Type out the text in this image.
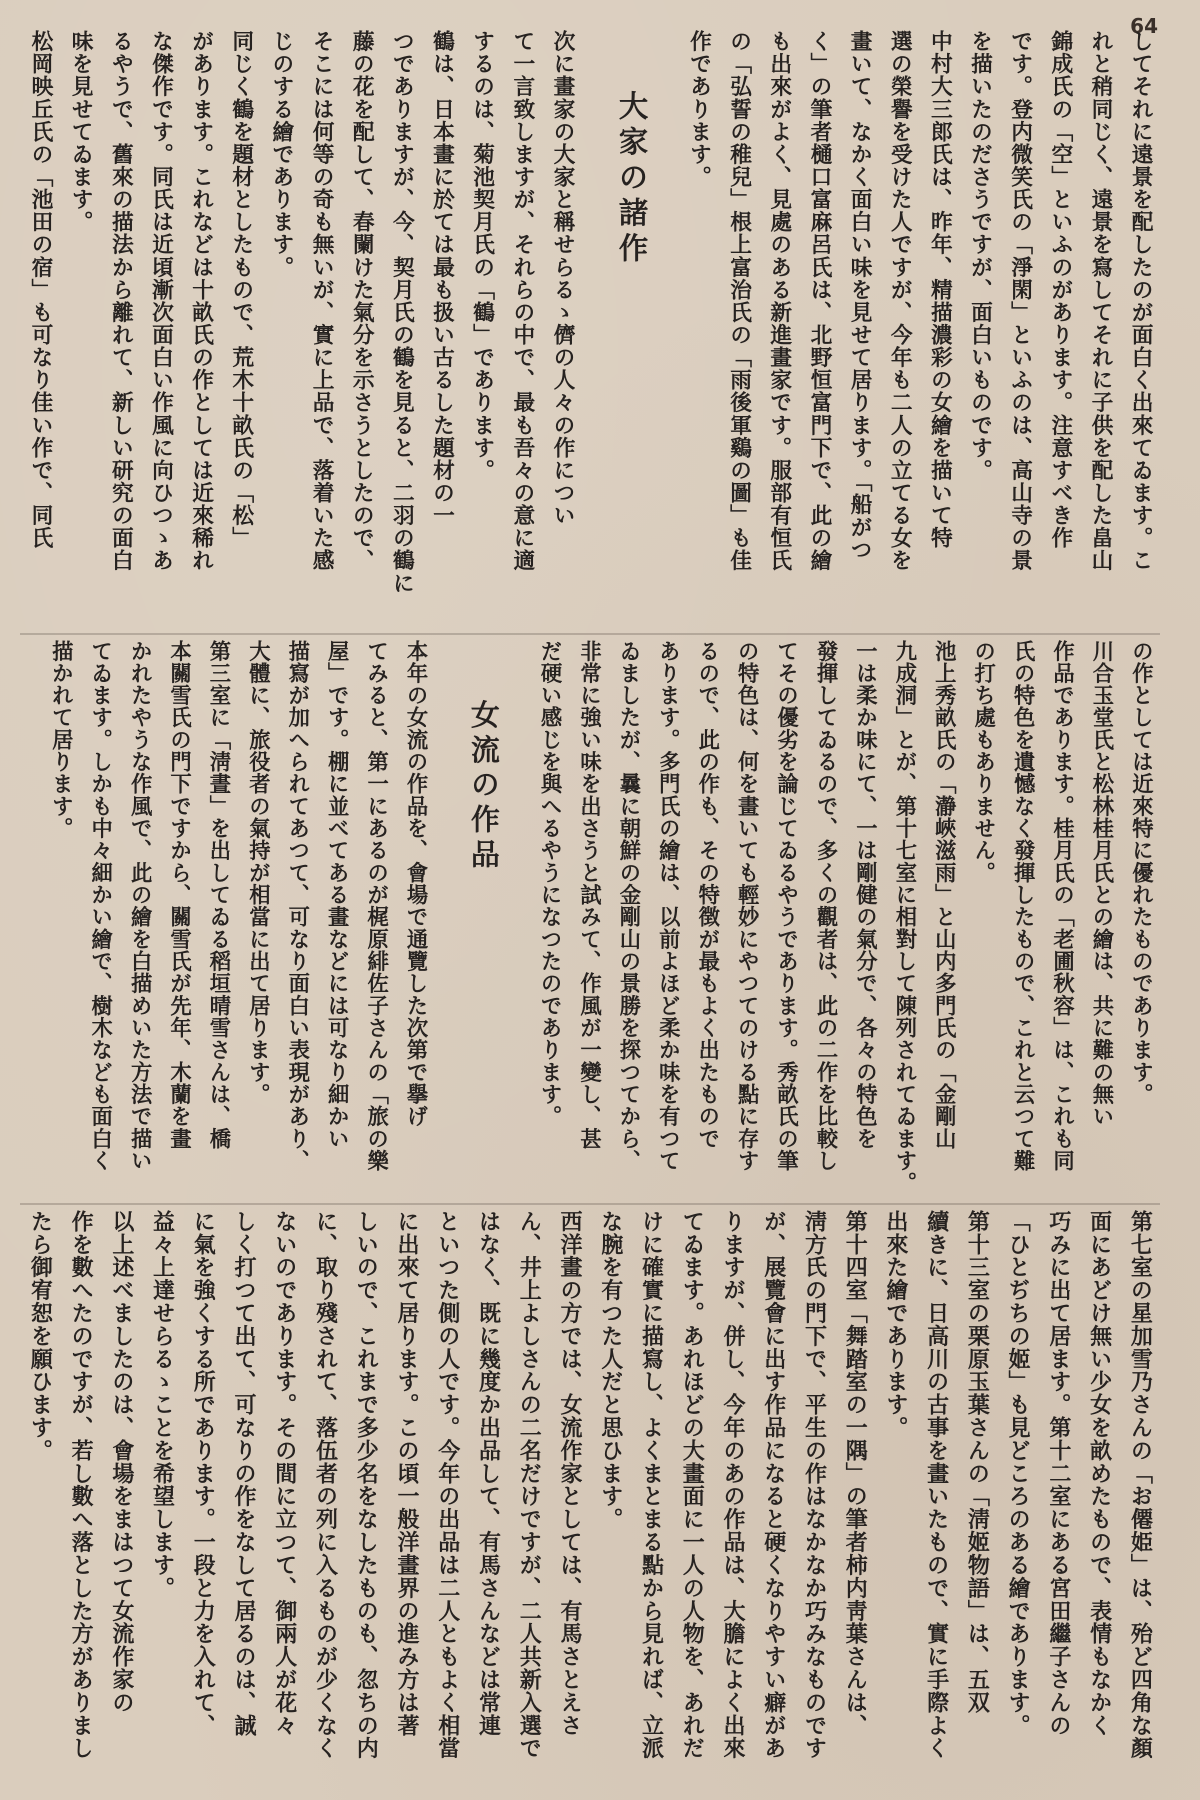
64
してそれに遠景を配したのが面白く出來てゐます。こ
れと稍同じく、遠景を寫してそれに子供を配した畠山
錦成氏の「空」といふのがあります。注意すべき作
です。登内微笑氏の「淨閑」といふのは、高山寺の景
を描いたのださうですが、面白いものです。
中村大三郎氏は、昨年、精描濃彩の女繪を描いて特
選の榮譽を受けた人ですが、今年も二人の立てる女を
畫いて、なかく面白い味を見せて居ります。「船がつ
く」の筆者樋口富麻呂氏は、北野恒富門下で、此の繪
も出來がよく、見處のある新進畫家です。服部有恒氏
の「弘誓の稚兒」根上富治氏の「雨後軍鷄の圖」も佳
作であります。
大家の諸作
次に畫家の大家と稱せらるゝ儕の人々の作につい
て一言致しますが、それらの中で、最も吾々の意に適
するのは、菊池契月氏の「鶴」であります。
鶴は、日本畫に於ては最も扱い古るした題材の一
つでありますが、今、契月氏の鶴を見ると、二羽の鶴に
藤の花を配して、春闌けた氣分を示さうとしたので、
そこには何等の奇も無いが、實に上品で、落着いた感
じのする繪であります。
同じく鶴を題材としたもので、荒木十畝氏の「松」
があります。これなどは十畝氏の作としては近來稀れ
な傑作です。同氏は近頃漸次面白い作風に向ひつゝあ
るやうで、舊來の描法から離れて、新しい研究の面白
味を見せてゐます。
松岡映丘氏の「池田の宿」も可なり佳い作で、同氏
の作としては近來特に優れたものであります。
川合玉堂氏と松林桂月氏との繪は、共に難の無い
作品であります。桂月氏の「老圃秋容」は、これも同
氏の特色を遺憾なく發揮したもので、これと云つて難
の打ち處もありません。
池上秀畝氏の「瀞峽滋雨」と山内多門氏の「金剛山
九成洞」とが、第十七室に相對して陳列されてゐます。
一は柔か味にて、一は剛健の氣分で、各々の特色を
發揮してゐるので、多くの觀者は、此の二作を比較し
てその優劣を論じてゐるやうであります。秀畝氏の筆
の特色は、何を畫いても輕妙にやつてのける點に存す
るので、此の作も、その特徴が最もよく出たもので
あります。多門氏の繪は、以前よほど柔か味を有つて
ゐましたが、曩に朝鮮の金剛山の景勝を探つてから、
非常に強い味を出さうと試みて、作風が一變し、甚
だ硬い感じを與へるやうになつたのであります。
女流の作品
本年の女流の作品を、會場で通覽した次第で擧げ
てみると、第一にあるのが梶原緋佐子さんの「旅の樂
屋」です。棚に並べてある畫などには可なり細かい
描寫が加へられてあつて、可なり面白い表現があり、
大體に、旅役者の氣持が相當に出て居ります。
第三室に「淸晝」を出してゐる稻垣晴雪さんは、橋
本關雪氏の門下ですから、關雪氏が先年、木蘭を畫
かれたやうな作風で、此の繪を白描めいた方法で描い
てゐます。しかも中々細かい繪で、樹木なども面白く
描かれて居ります。
第七室の星加雪乃さんの「お僊姫」は、殆ど四角な顏
面にあどけ無い少女を畝めたもので、表情もなかく
巧みに出て居ます。第十二室にある宮田繼子さんの
「ひとぢちの姬」も見どころのある繪であります。
第十三室の栗原玉葉さんの「淸姬物語」は、五双
續きに、日高川の古事を畫いたもので、實に手際よく
出來た繪であります。
第十四室「舞踏室の一隅」の筆者柿内靑葉さんは、
淸方氏の門下で、平生の作はなかなか巧みなものです
が、展覽會に出す作品になると硬くなりやすい癖があ
りますが、併し、今年のあの作品は、大膽によく出來
てゐます。あれほどの大畫面に一人の人物を、あれだ
けに確實に描寫し、よくまとまる點から見れば、立派
な腕を有つた人だと思ひます。
西洋畫の方では、女流作家としては、有馬さとえさ
ん、井上よしさんの二名だけですが、二人共新入選で
はなく、既に幾度か出品して、有馬さんなどは常連
といつた側の人です。今年の出品は二人ともよく相當
に出來て居ります。この頃一般洋畫界の進み方は著
しいので、これまで多少名をなしたものも、忽ちの内
に、取り殘されて、落伍者の列に入るものが少くなく
ないのであります。その間に立つて、御兩人が花々
しく打つて出て、可なりの作をなして居るのは、誠
に氣を強くする所であります。一段と力を入れて、
益々上達せらるゝことを希望します。
以上述べましたのは、會場をまはつて女流作家の
作を數へたのですが、若し數へ落とした方がありまし
たら御宥恕を願ひます。
